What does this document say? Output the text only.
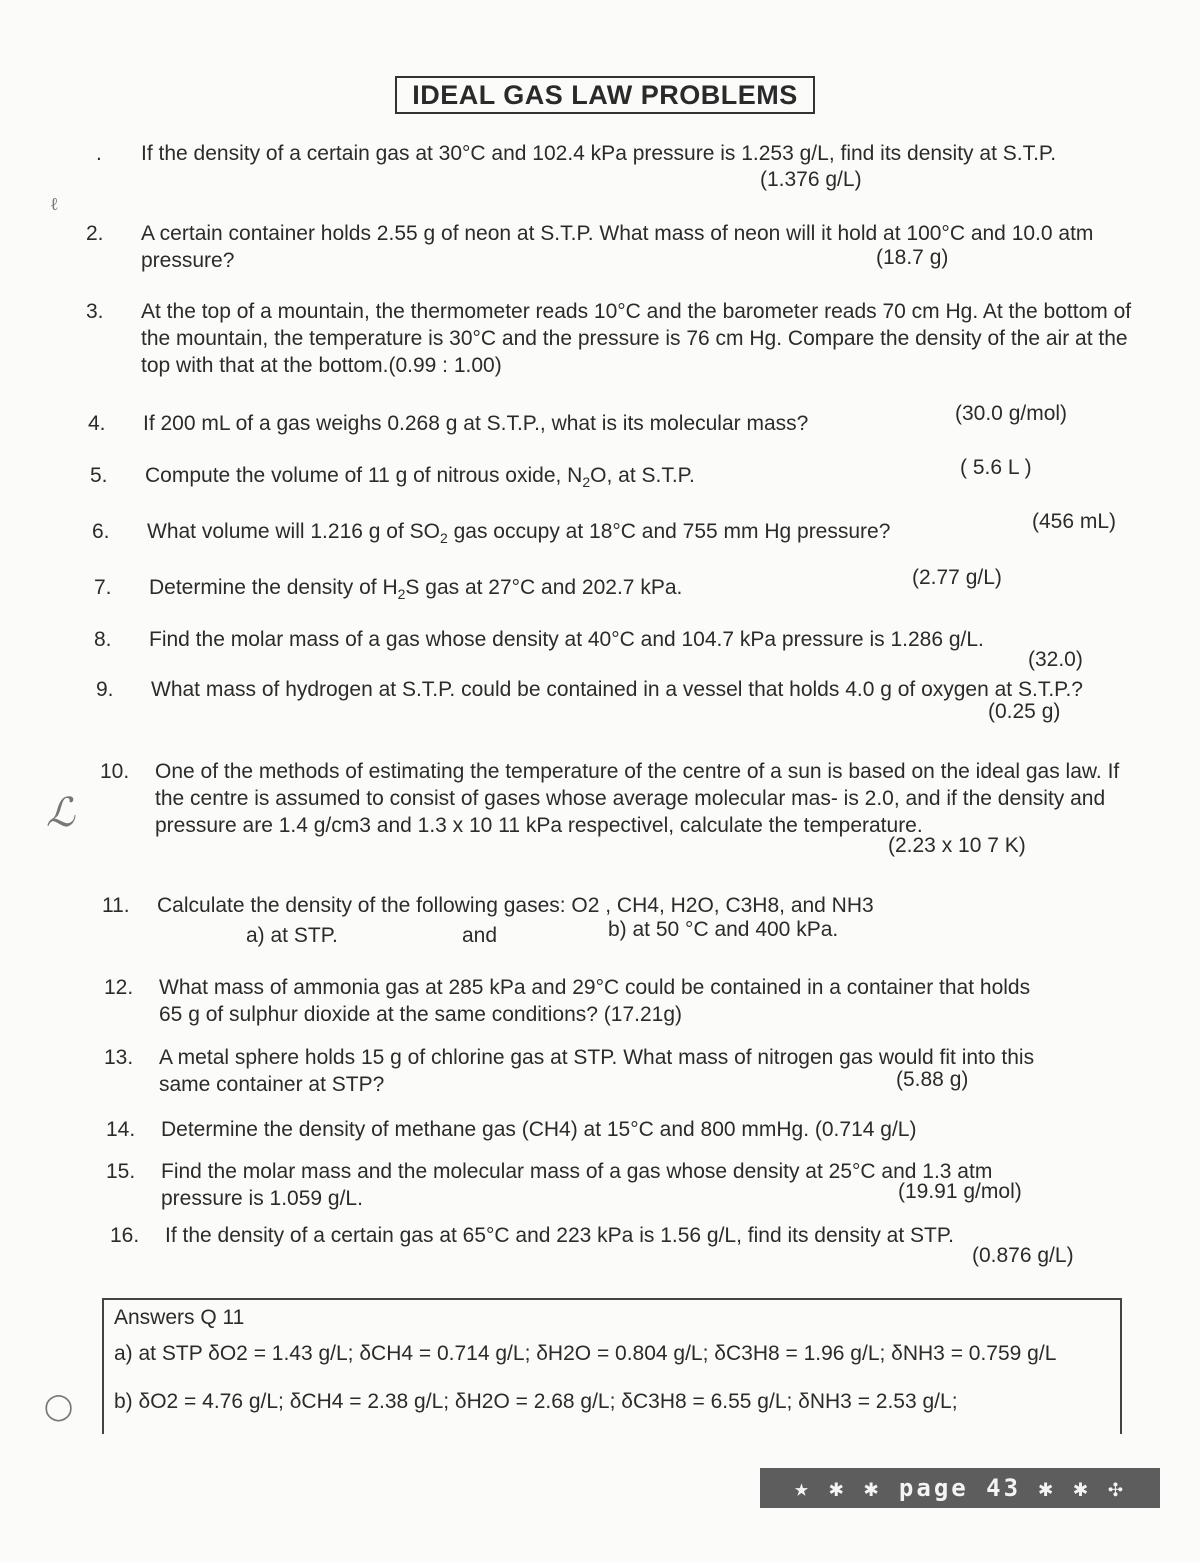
IDEAL GAS LAW PROBLEMS
.	If the density of a certain gas at 30°C and 102.4 kPa pressure is 1.253 g/L, find its density at S.T.P.
(1.376 g/L)
2.	A certain container holds 2.55 g of neon at S.T.P. What mass of neon will it hold at 100°C and 10.0 atm pressure?	(18.7 g)
3.	At the top of a mountain, the thermometer reads 10°C and the barometer reads 70 cm Hg. At the bottom of the mountain, the temperature is 30°C and the pressure is 76 cm Hg. Compare the density of the air at the top with that at the bottom.(0.99 : 1.00)
4.	If 200 mL of a gas weighs 0.268 g at S.T.P., what is its molecular mass?	(30.0 g/mol)
5.	Compute the volume of 11 g of nitrous oxide, $N_2O$, at S.T.P.	( 5.6 L )
6.	What volume will 1.216 g of $SO_2$ gas occupy at 18°C and 755 mm Hg pressure?	(456 mL)
7.	Determine the density of $H_2S$ gas at 27°C and 202.7 kPa.	(2.77 g/L)
8.	Find the molar mass of a gas whose density at 40°C and 104.7 kPa pressure is 1.286 g/L.
(32.0)
9.	What mass of hydrogen at S.T.P. could be contained in a vessel that holds 4.0 g of oxygen at S.T.P.?
(0.25 g)
10.	One of the methods of estimating the temperature of the centre of a sun is based on the ideal gas law. If the centre is assumed to consist of gases whose average molecular mas- is 2.0, and if the density and pressure are 1.4 g/cm3 and 1.3 x 10 11 kPa respectivel, calculate the temperature.
(2.23 x 10 7 K)
11.	Calculate the density of the following gases: O2 , CH4, H2O, C3H8, and NH3
a) at STP.	and	b) at 50 °C and 400 kPa.
12.	What mass of ammonia gas at 285 kPa and 29°C could be contained in a container that holds 65 g of sulphur dioxide at the same conditions? (17.21g)
13.	A metal sphere holds 15 g of chlorine gas at STP. What mass of nitrogen gas would fit into this same container at STP?	(5.88 g)
14.	Determine the density of methane gas (CH4) at 15°C and 800 mmHg. (0.714 g/L)
15.	Find the molar mass and the molecular mass of a gas whose density at 25°C and 1.3 atm pressure is 1.059 g/L.	(19.91 g/mol)
16.	If the density of a certain gas at 65°C and 223 kPa is 1.56 g/L, find its density at STP.
(0.876 g/L)
Answers Q 11
a) at STP δO2 = 1.43 g/L; δCH4 = 0.714 g/L; δH2O = 0.804 g/L; δC3H8 = 1.96 g/L; δNH3 = 0.759 g/L
b) δO2 = 4.76 g/L; δCH4 = 2.38 g/L; δH2O = 2.68 g/L; δC3H8 = 6.55 g/L; δNH3 = 2.53 g/L;
ℓ
ℒ
◯
★ ✱ ✱ page 43 ✱ ✱ ✣
